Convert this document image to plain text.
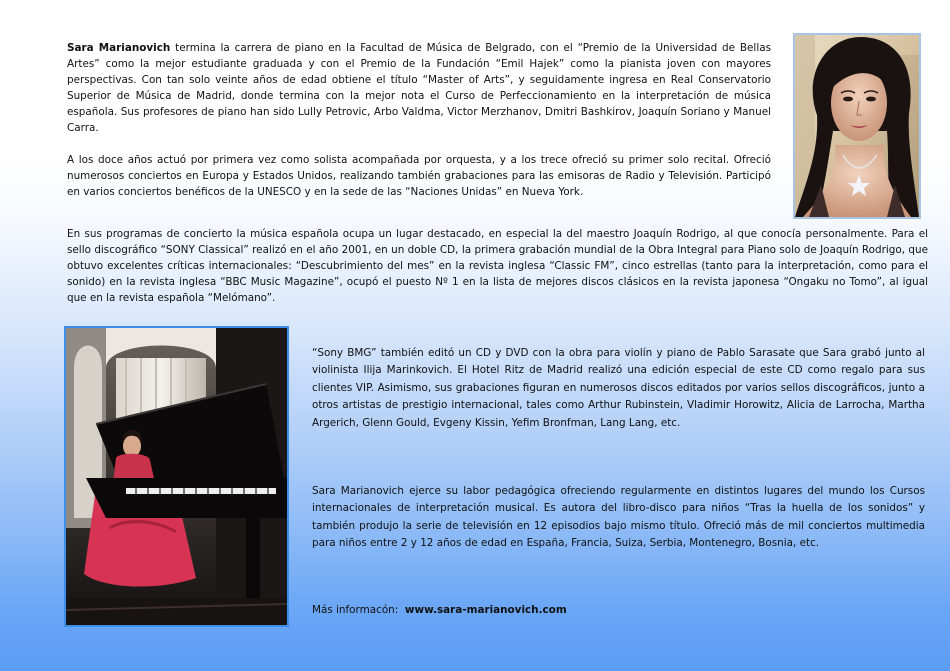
Sara Marianovich termina la carrera de piano en la Facultad de Música de Belgrado, con el “Premio de la Universidad de Bellas Artes” como la mejor estudiante graduada y con el Premio de la Fundación “Emil Hajek” como la pianista joven con mayores perspectivas. Con tan solo veinte años de edad obtiene el título “Master of Arts”, y seguidamente ingresa en Real Conservatorio Superior de Música de Madrid, donde termina con la mejor nota el Curso de Perfeccionamiento en la interpretación de música española. Sus profesores de piano han sido Lully Petrovic, Arbo Valdma, Victor Merzhanov, Dmitri Bashkirov, Joaquín Soriano y Manuel Carra.

A los doce años actuó por primera vez como solista acompañada por orquesta, y a los trece ofreció su primer solo recital. Ofreció numerosos conciertos en Europa y Estados Unidos, realizando también grabaciones para las emisoras de Radio y Televisión. Participó en varios conciertos benéficos de la UNESCO y en la sede de las “Naciones Unidas” en Nueva York.

En sus programas de concierto la música española ocupa un lugar destacado, en especial la del maestro Joaquín Rodrigo, al que conocía personalmente. Para el sello discográfico “SONY Classical” realizó en el año 2001, en un doble CD, la primera grabación mundial de la Obra Integral para Piano solo de Joaquín Rodrigo, que obtuvo excelentes críticas internacionales: “Descubrimiento del mes” en la revista inglesa “Classic FM”, cinco estrellas (tanto para la interpretación, como para el sonido) en la revista inglesa “BBC Music Magazine”, ocupó el puesto Nº 1 en la lista de mejores discos clásicos en la revista japonesa “Ongaku no Tomo”, al igual que en la revista española “Melómano”.

“Sony BMG” también editó un CD y DVD con la obra para violín y piano de Pablo Sarasate que Sara grabó junto al violinista Ilija Marinkovich. El Hotel Ritz de Madrid realizó una edición especial de este CD como regalo para sus clientes VIP. Asimismo, sus grabaciones figuran en numerosos discos editados por varios sellos discográficos, junto a otros artistas de prestigio internacional, tales como Arthur Rubinstein, Vladimir Horowitz, Alicia de Larrocha, Martha Argerich, Glenn Gould, Evgeny Kissin, Yefim Bronfman, Lang Lang, etc.

Sara Marianovich ejerce su labor pedagógica ofreciendo regularmente en distintos lugares del mundo los Cursos internacionales de interpretación musical. Es autora del libro-disco para niños “Tras la huella de los sonidos” y también produjo la serie de televisión en 12 episodios bajo mismo título. Ofreció más de mil conciertos multimedia para niños entre 2 y 12 años de edad en España, Francia, Suiza, Serbia, Montenegro, Bosnia, etc.

Más informacón: www.sara-marianovich.com
